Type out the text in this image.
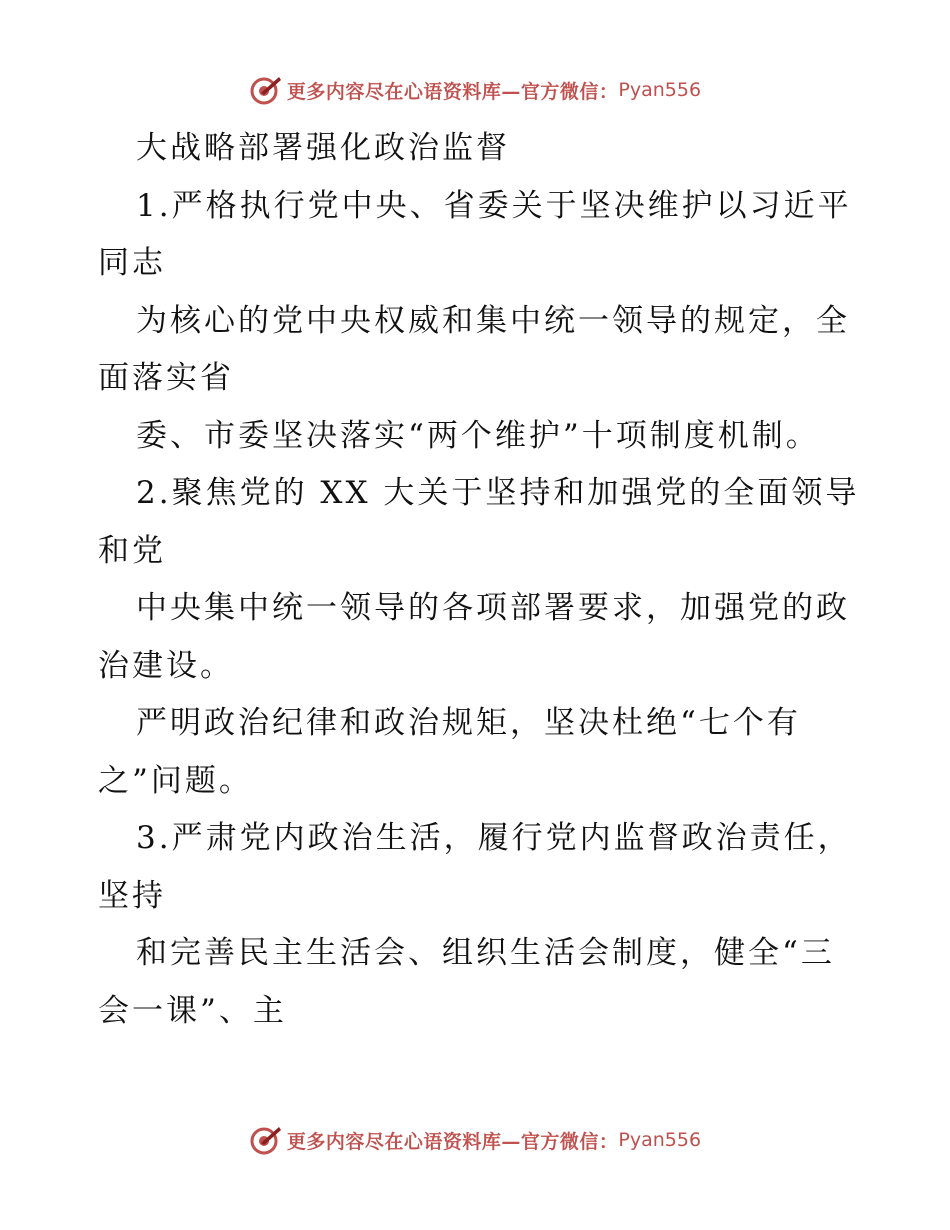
更多内容尽在心语资料库—官方微信： Pyan556
大战略部署强化政治监督
1.严格执行党中央、省委关于坚决维护以习近平
同志
为核心的党中央权威和集中统一领导的规定，全
面落实省
委、市委坚决落实“两个维护”十项制度机制。
2.聚焦党的 XX 大关于坚持和加强党的全面领导
和党
中央集中统一领导的各项部署要求，加强党的政
治建设。
严明政治纪律和政治规矩，坚决杜绝“七个有
之”问题。
3.严肃党内政治生活，履行党内监督政治责任，
坚持
和完善民主生活会、组织生活会制度，健全“三
会一课”、主
更多内容尽在心语资料库—官方微信： Pyan556
